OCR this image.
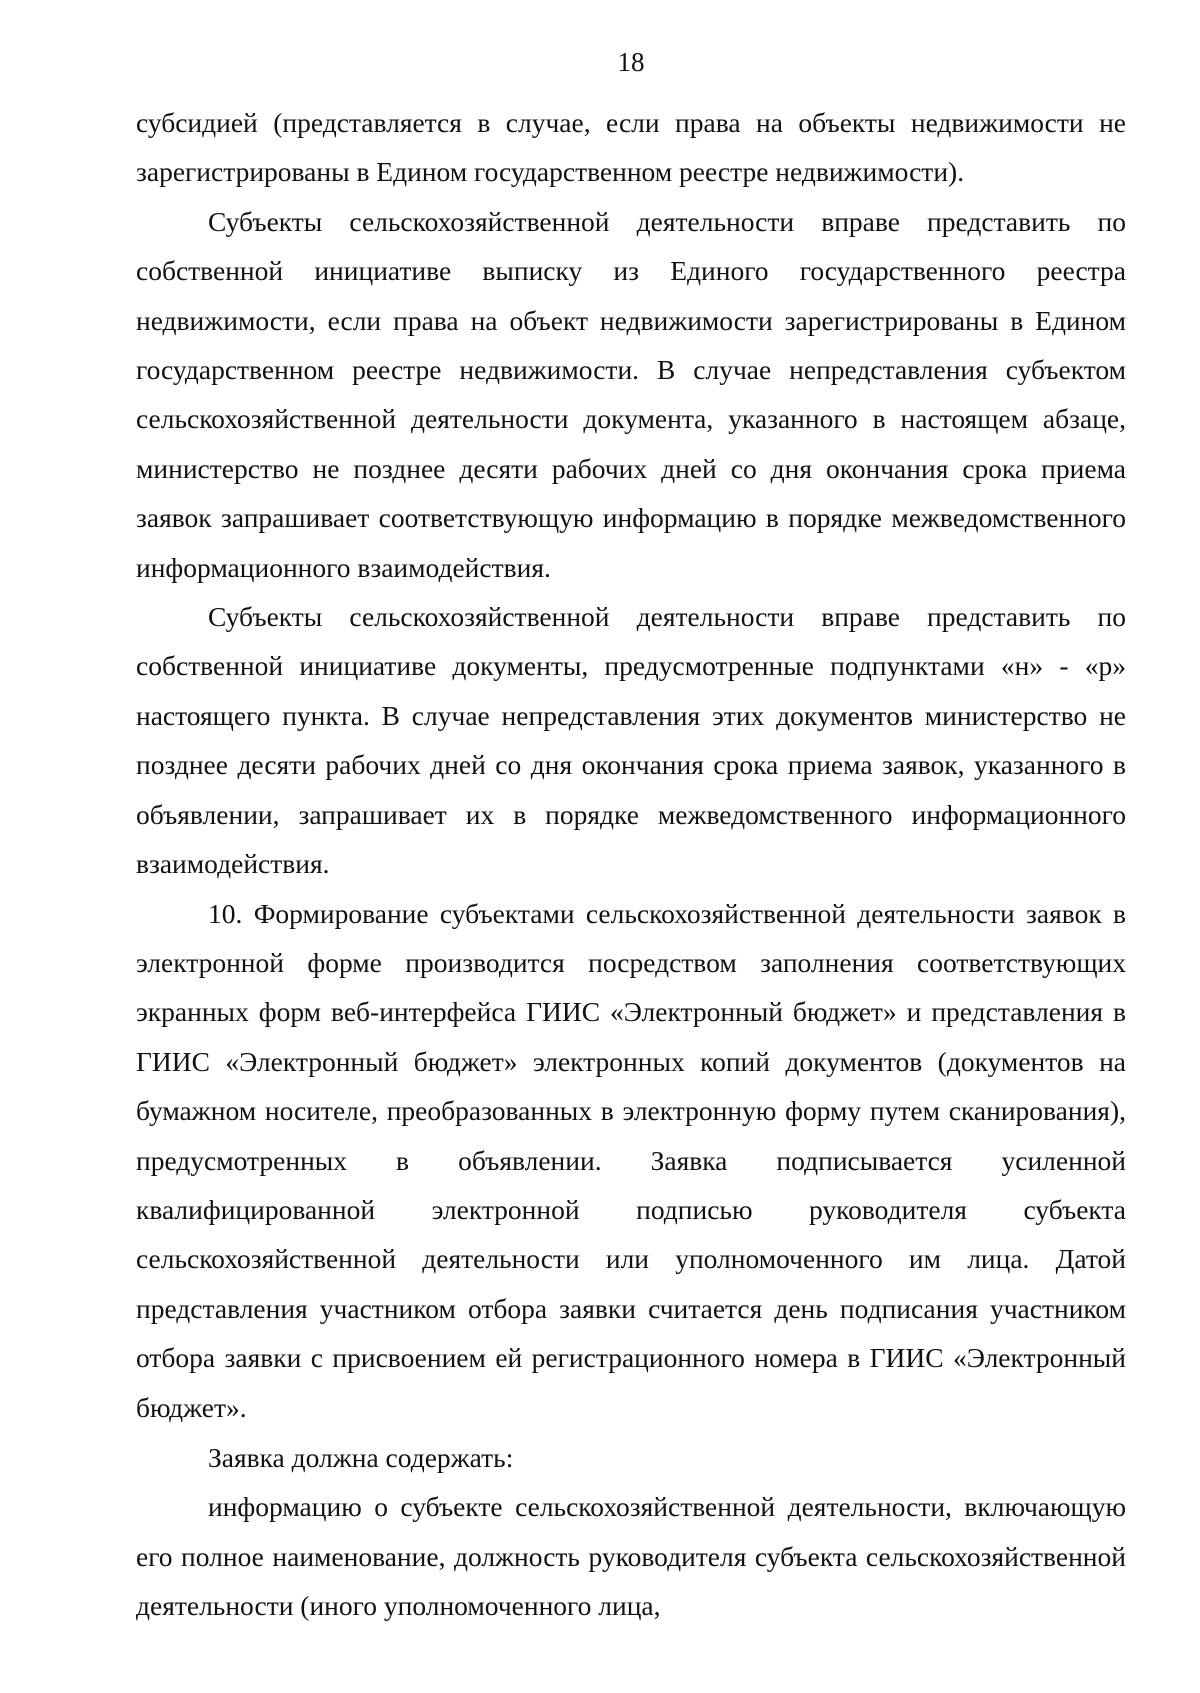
18

субсидией (представляется в случае, если права на объекты недвижимости не зарегистрированы в Едином государственном реестре недвижимости).

Субъекты сельскохозяйственной деятельности вправе представить по собственной инициативе выписку из Единого государственного реестра недвижимости, если права на объект недвижимости зарегистрированы в Едином государственном реестре недвижимости. В случае непредставления субъектом сельскохозяйственной деятельности документа, указанного в настоящем абзаце, министерство не позднее десяти рабочих дней со дня окончания срока приема заявок запрашивает соответствующую информацию в порядке межведомственного информационного взаимодействия.

Субъекты сельскохозяйственной деятельности вправе представить по собственной инициативе документы, предусмотренные подпунктами «н» - «р» настоящего пункта. В случае непредставления этих документов министерство не позднее десяти рабочих дней со дня окончания срока приема заявок, указанного в объявлении, запрашивает их в порядке межведомственного информационного взаимодействия.

10. Формирование субъектами сельскохозяйственной деятельности заявок в электронной форме производится посредством заполнения соответствующих экранных форм веб-интерфейса ГИИС «Электронный бюджет» и представления в ГИИС «Электронный бюджет» электронных копий документов (документов на бумажном носителе, преобразованных в электронную форму путем сканирования), предусмотренных в объявлении. Заявка подписывается усиленной квалифицированной электронной подписью руководителя субъекта сельскохозяйственной деятельности или уполномоченного им лица. Датой представления участником отбора заявки считается день подписания участником отбора заявки с присвоением ей регистрационного номера в ГИИС «Электронный бюджет».

Заявка должна содержать:

информацию о субъекте сельскохозяйственной деятельности, включающую его полное наименование, должность руководителя субъекта сельскохозяйственной деятельности (иного уполномоченного лица,
